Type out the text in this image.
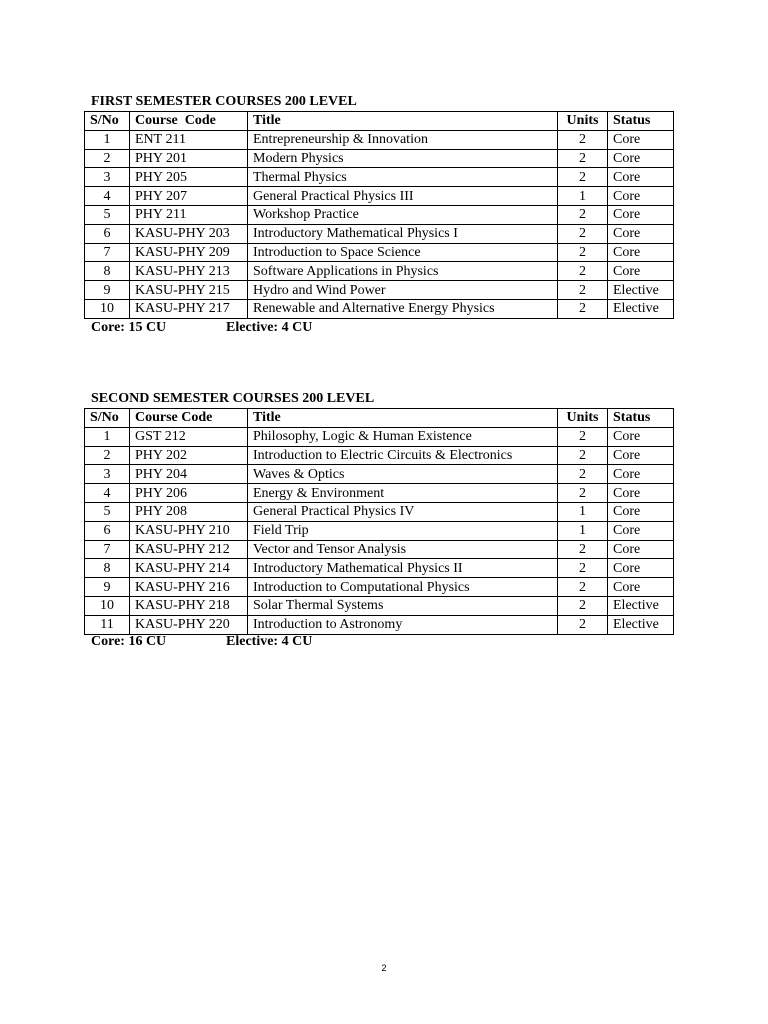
FIRST SEMESTER COURSES 200 LEVEL
S/No	Course  Code	Title	Units	Status
1	ENT 211	Entrepreneurship & Innovation	2	Core
2	PHY 201	Modern Physics	2	Core
3	PHY 205	Thermal Physics	2	Core
4	PHY 207	General Practical Physics III	1	Core
5	PHY 211	Workshop Practice	2	Core
6	KASU-PHY 203	Introductory Mathematical Physics I	2	Core
7	KASU-PHY 209	Introduction to Space Science	2	Core
8	KASU-PHY 213	Software Applications in Physics	2	Core
9	KASU-PHY 215	Hydro and Wind Power	2	Elective
10	KASU-PHY 217	Renewable and Alternative Energy Physics	2	Elective
Core: 15 CU	Elective: 4 CU
SECOND SEMESTER COURSES 200 LEVEL
S/No	Course Code	Title	Units	Status
1	GST 212	Philosophy, Logic & Human Existence	2	Core
2	PHY 202	Introduction to Electric Circuits & Electronics	2	Core
3	PHY 204	Waves & Optics	2	Core
4	PHY 206	Energy & Environment	2	Core
5	PHY 208	General Practical Physics IV	1	Core
6	KASU-PHY 210	Field Trip	1	Core
7	KASU-PHY 212	Vector and Tensor Analysis	2	Core
8	KASU-PHY 214	Introductory Mathematical Physics II	2	Core
9	KASU-PHY 216	Introduction to Computational Physics	2	Core
10	KASU-PHY 218	Solar Thermal Systems	2	Elective
11	KASU-PHY 220	Introduction to Astronomy	2	Elective
Core: 16 CU	Elective: 4 CU
2
